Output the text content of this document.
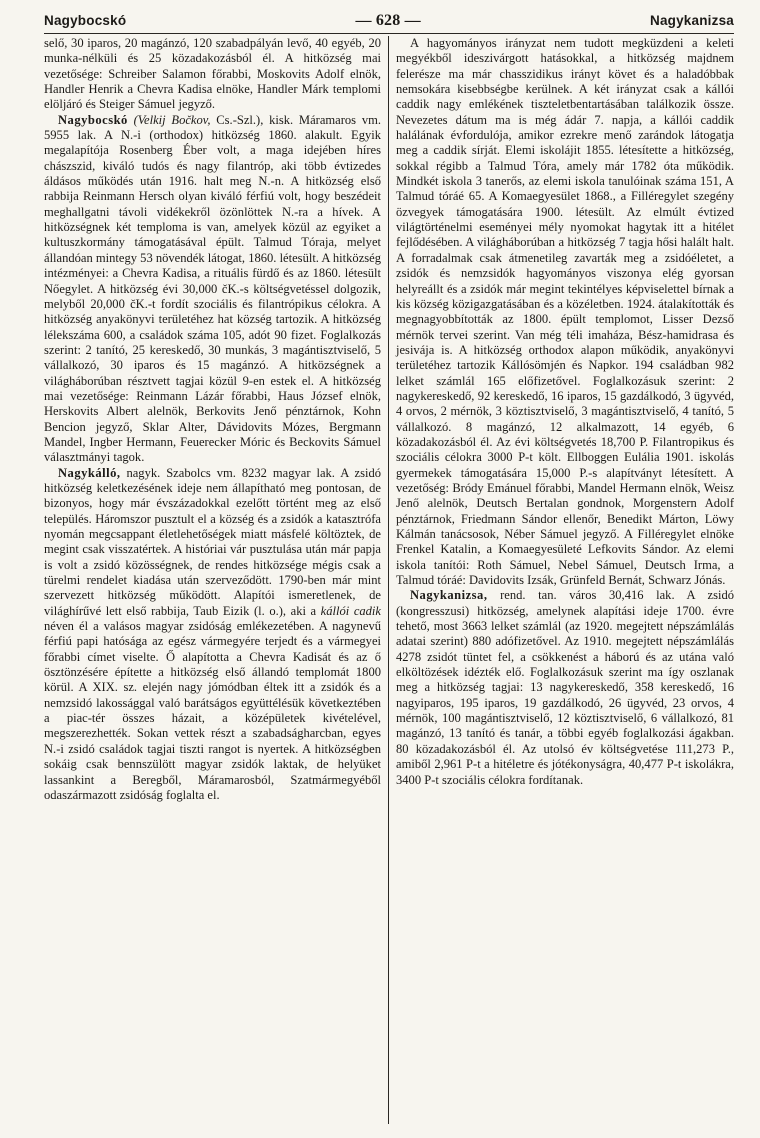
Nagybocskó	— 628 —	Nagykanizsa

selő, 30 iparos, 20 magánzó, 120 szabadpályán levő, 40 egyéb, 20 munka-nélküli és 25 közadakozásból él. A hitközség mai vezetősége: Schreiber Salamon főrabbi, Moskovits Adolf elnök, Handler Henrik a Chevra Kadisa elnöke, Handler Márk templomi elöljáró és Steiger Sámuel jegyző.

Nagybocskó (Velkij Bočkov, Cs.-Szl.), kisk. Máramaros vm. 5955 lak. A N.-i (orthodox) hitközség 1860. alakult. Egyik megalapítója Rosenberg Éber volt, a maga idejében híres chászszid, kiváló tudós és nagy filantróp, aki több évtizedes áldásos működés után 1916. halt meg N.-n. A hitközség első rabbija Reinmann Hersch olyan kiváló férfiú volt, hogy beszédeit meghallgatni távoli vidékekről özönlöttek N.-ra a hívek. A hitközségnek két temploma is van, amelyek közül az egyiket a kultuszkormány támogatásával épült. Talmud Tóraja, melyet állandóan mintegy 53 növendék látogat, 1860. létesült. A hitközség intézményei: a Chevra Kadisa, a rituális fürdő és az 1860. létesült Nőegylet. A hitközség évi 30,000 čK.-s költségvetéssel dolgozik, melyből 20,000 čK.-t fordít szociális és filantrópikus célokra. A hitközség anyakönyvi területéhez hat község tartozik. A hitközség lélekszáma 600, a családok száma 105, adót 90 fizet. Foglalkozás szerint: 2 tanító, 25 kereskedő, 30 munkás, 3 magántisztviselő, 5 vállalkozó, 30 iparos és 15 magánzó. A hitközségnek a világháborúban résztvett tagjai közül 9-en estek el. A hitközség mai vezetősége: Reinmann Lázár főrabbi, Haus József elnök, Herskovits Albert alelnök, Berkovits Jenő pénztárnok, Kohn Bencion jegyző, Sklar Alter, Dávidovits Mózes, Bergmann Mandel, Ingber Hermann, Feuerecker Móric és Beckovits Sámuel választmányi tagok.

Nagykálló, nagyk. Szabolcs vm. 8232 magyar lak. A zsidó hitközség keletkezésének ideje nem állapítható meg pontosan, de bizonyos, hogy már évszázadokkal ezelőtt történt meg az első település. Háromszor pusztult el a község és a zsidók a katasztrófa nyomán megcsappant életlehetőségek miatt másfelé költöztek, de megint csak visszatértek. A históriai vár pusztulása után már papja is volt a zsidó közösségnek, de rendes hitközsége mégis csak a türelmi rendelet kiadása után szerveződött. 1790-ben már mint szervezett hitközség működött. Alapítói ismeretlenek, de világhírűvé lett első rabbija, Taub Eizik (l. o.), aki a kállói cadik néven él a valásos magyar zsidóság emlékezetében. A nagynevű férfiú papi hatósága az egész vármegyére terjedt és a vármegyei főrabbi címet viselte. Ő alapította a Chevra Kadisát és az ő ösztönzésére építette a hitközség első állandó templomát 1800 körül. A XIX. sz. elején nagy jómódban éltek itt a zsidók és a nemzsidó lakossággal való barátságos együttélésük következtében a piac-tér összes házait, a középületek kivételével, megszerezhették. Sokan vettek részt a szabadságharcban, egyes N.-i zsidó családok tagjai tiszti rangot is nyertek. A hitközségben sokáig csak bennszülött magyar zsidók laktak, de helyüket lassankint a Beregből, Máramarosból, Szatmármegyéből odaszármazott zsidóság foglalta el.

A hagyományos irányzat nem tudott megküzdeni a keleti megyékből ideszivárgott hatásokkal, a hitközség majdnem felerésze ma már chasszidikus irányt követ és a haladóbbak nemsokára kisebbségbe kerülnek. A két irányzat csak a kállói caddik nagy emlékének tiszteletbentartásában találkozik össze. Nevezetes dátum ma is még ádár 7. napja, a kállói caddik halálának évfordulója, amikor ezrekre menő zarándok látogatja meg a caddik sírját. Elemi iskolájit 1855. létesítette a hitközség, sokkal régibb a Talmud Tóra, amely már 1782 óta működik. Mindkét iskola 3 tanerős, az elemi iskola tanulóinak száma 151, A Talmud tóráé 65. A Komaegyesület 1868., a Filléregylet szegény özvegyek támogatására 1900. létesült. Az elmúlt évtized világtörténelmi eseményei mély nyomokat hagytak itt a hitélet fejlődésében. A világháborúban a hitközség 7 tagja hősi halált halt. A forradalmak csak átmenetileg zavarták meg a zsidóéletet, a zsidók és nemzsidók hagyományos viszonya elég gyorsan helyreállt és a zsidók már megint tekintélyes képviselettel bírnak a kis község közigazgatásában és a közéletben. 1924. átalakították és megnagyobbították az 1800. épült templomot, Lisser Dezső mérnök tervei szerint. Van még téli imaháza, Bész-hamidrasa és jesivája is. A hitközség orthodox alapon működik, anyakönyvi területéhez tartozik Kállósömjén és Napkor. 194 családban 982 lelket számlál 165 előfizetővel. Foglalkozásuk szerint: 2 nagykereskedő, 92 kereskedő, 16 iparos, 15 gazdálkodó, 3 ügyvéd, 4 orvos, 2 mérnök, 3 köztisztviselő, 3 magántisztviselő, 4 tanító, 5 vállalkozó. 8 magánzó, 12 alkalmazott, 14 egyéb, 6 közadakozásból él. Az évi költségvetés 18,700 P. Filantropikus és szociális célokra 3000 P-t költ. Ellboggen Eulália 1901. iskolás gyermekek támogatására 15,000 P.-s alapítványt létesített. A vezetőség: Bródy Emánuel főrabbi, Mandel Hermann elnök, Weisz Jenő alelnök, Deutsch Bertalan gondnok, Morgenstern Adolf pénztárnok, Friedmann Sándor ellenőr, Benedikt Márton, Löwy Kálmán tanácsosok, Néber Sámuel jegyző. A Filléregylet elnöke Frenkel Katalin, a Komaegyesületé Lefkovits Sándor. Az elemi iskola tanítói: Roth Sámuel, Nebel Sámuel, Deutsch Irma, a Talmud tóráé: Davidovits Izsák, Grünfeld Bernát, Schwarz Jónás.

Nagykanizsa, rend. tan. város 30,416 lak. A zsidó (kongresszusi) hitközség, amelynek alapítási ideje 1700. évre tehető, most 3663 lelket számlál (az 1920. megejtett népszámlálás adatai szerint) 880 adófizetővel. Az 1910. megejtett népszámlálás 4278 zsidót tüntet fel, a csökkenést a háború és az utána való elköltözések idézték elő. Foglalkozásuk szerint ma így oszlanak meg a hitközség tagjai: 13 nagykereskedő, 358 kereskedő, 16 nagyiparos, 195 iparos, 19 gazdálkodó, 26 ügyvéd, 23 orvos, 4 mérnök, 100 magántisztviselő, 12 köztisztviselő, 6 vállalkozó, 81 magánzó, 13 tanító és tanár, a többi egyéb foglalkozási ágakban. 80 közadakozásból él. Az utolsó év költségvetése 111,273 P., amiből 2,961 P-t a hitéletre és jótékonyságra, 40,477 P-t iskolákra, 3400 P-t szociális célokra fordítanak.
